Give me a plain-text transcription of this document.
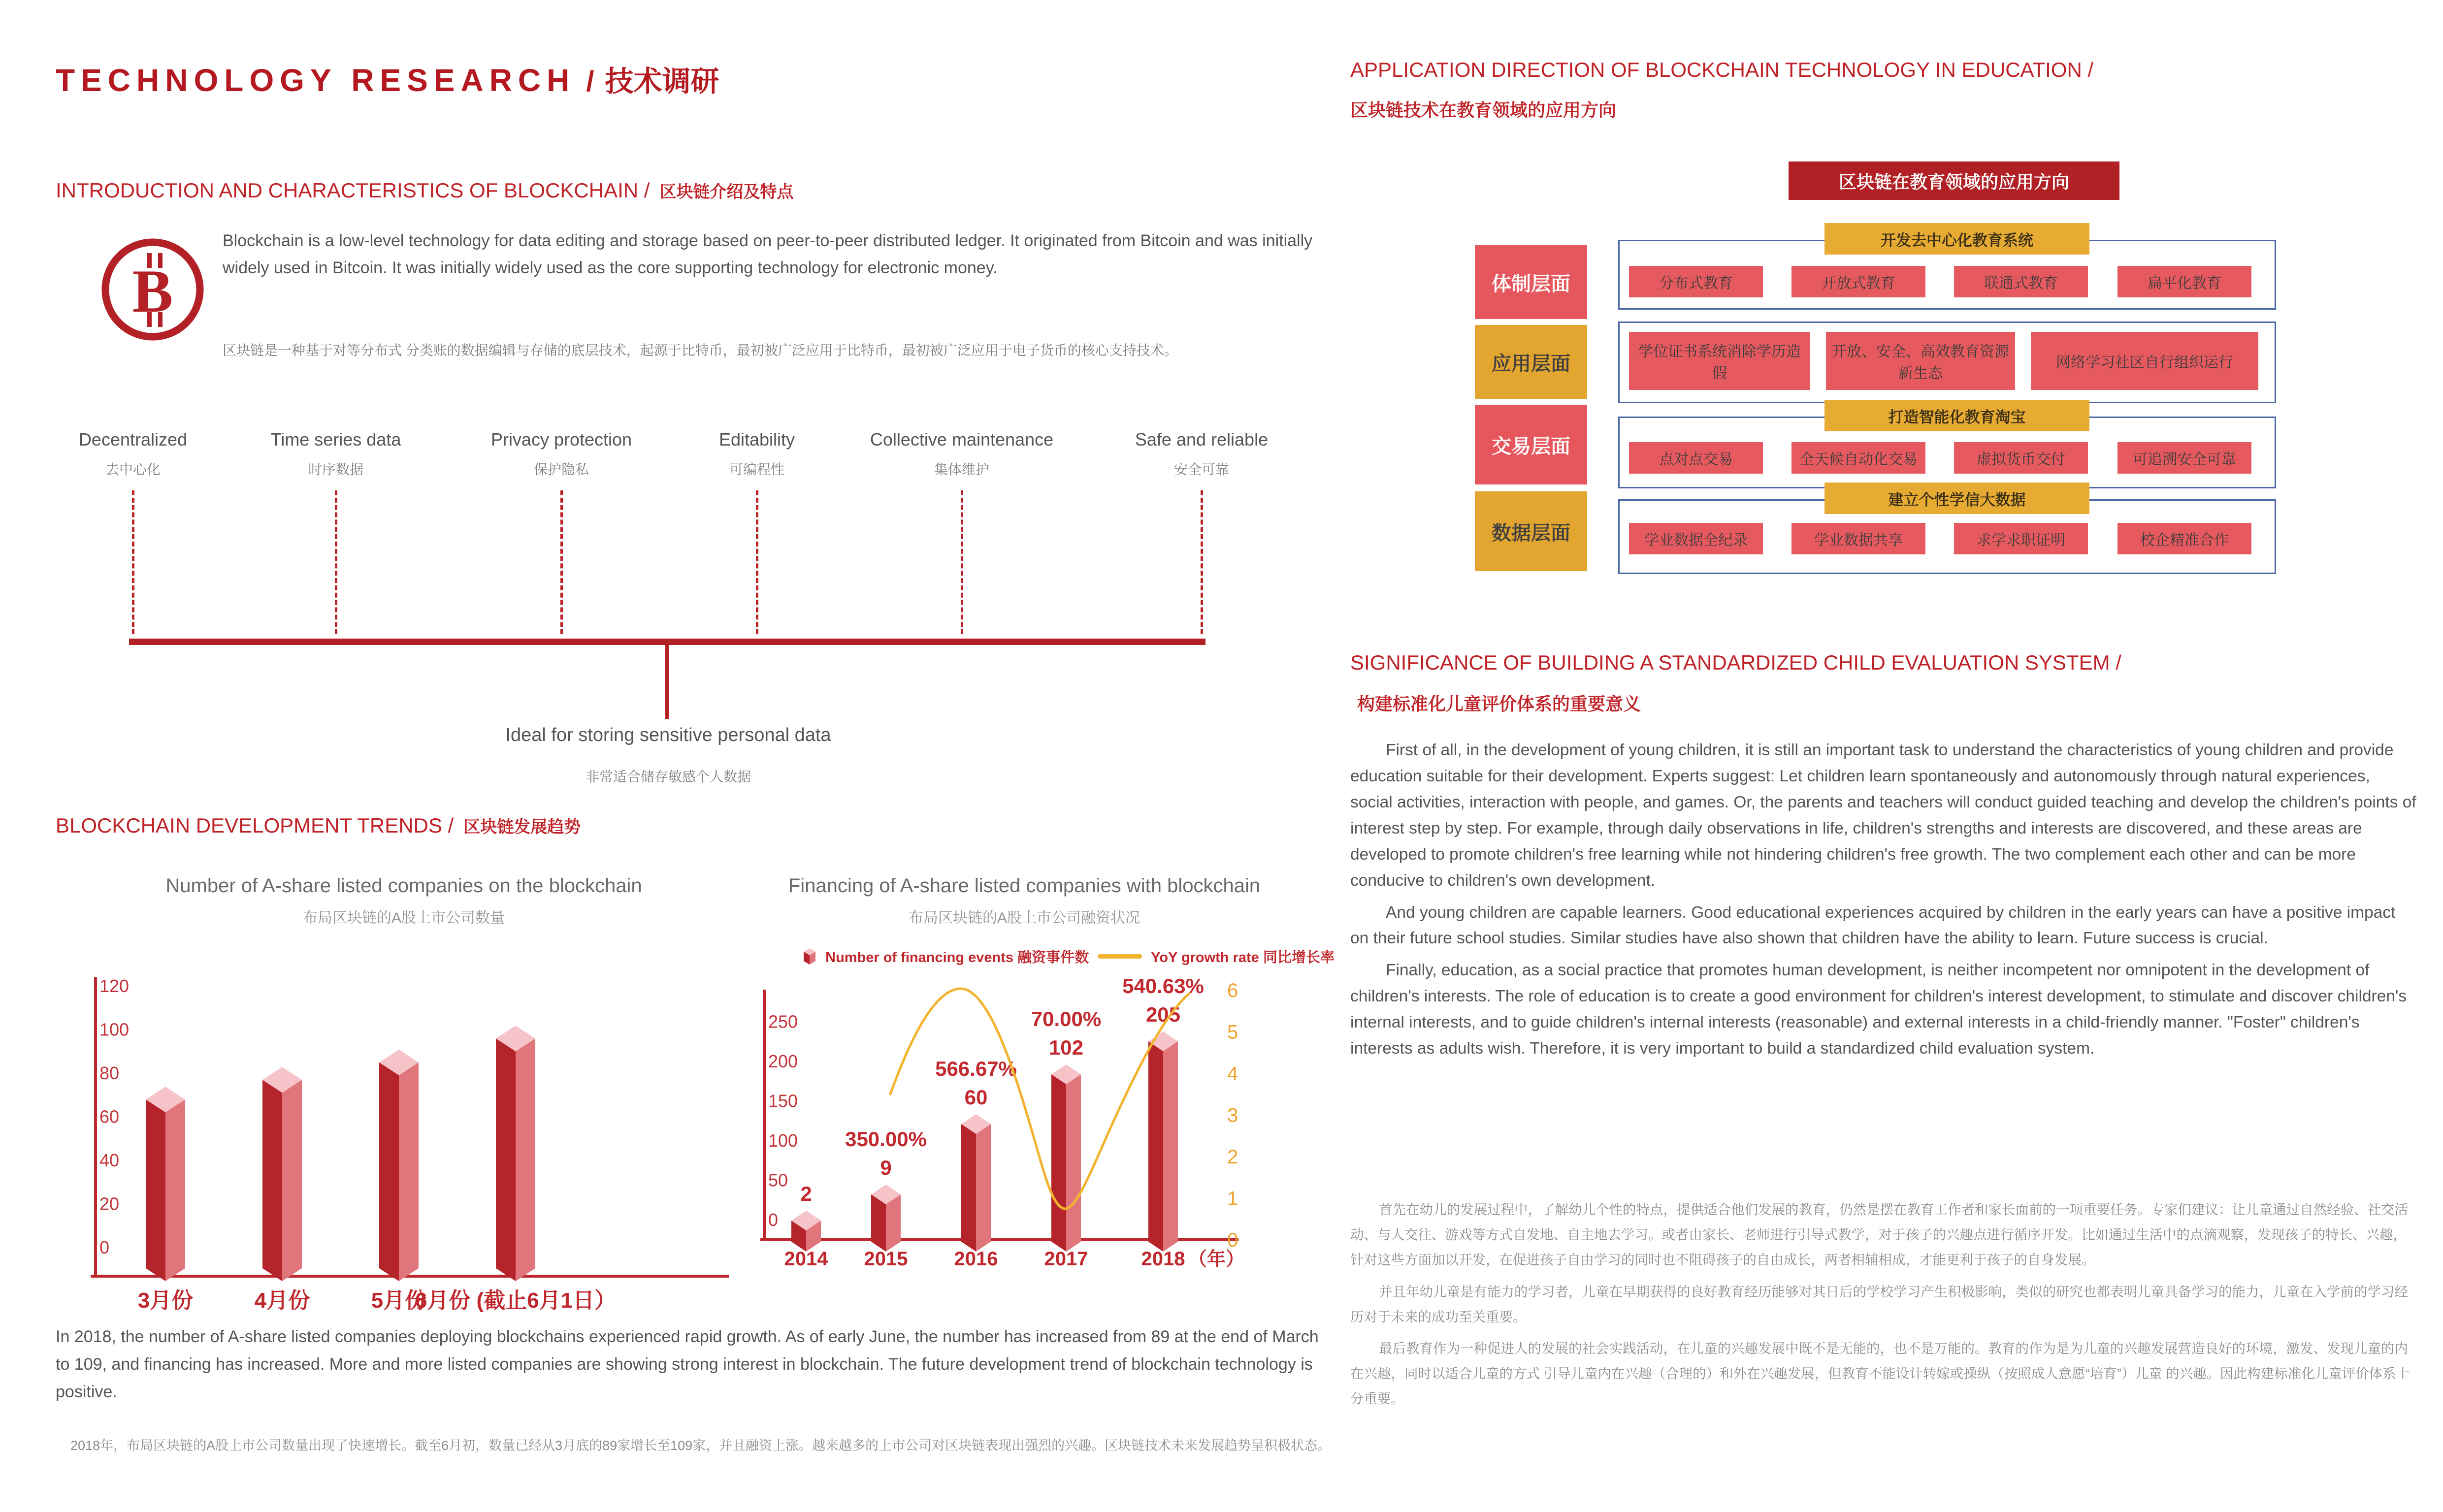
TECHNOLOGY RESEARCH / 技术调研
INTRODUCTION AND CHARACTERISTICS OF BLOCKCHAIN / 区块链介绍及特点
B
Blockchain is a low-level technology for data editing and storage based on peer-to-peer distributed ledger. It originated from Bitcoin and was initially widely used in Bitcoin. It was initially widely used as the core supporting technology for electronic money.
区块链是一种基于对等分布式 分类账的数据编辑与存储的底层技术，起源于比特币，最初被广泛应用于比特币，最初被广泛应用于电子货币的核心支持技术。
Decentralized
去中心化
Time series data
时序数据
Privacy protection
保护隐私
Editability
可编程性
Collective maintenance
集体维护
Safe and reliable
安全可靠
Ideal for storing sensitive personal data
非常适合储存敏感个人数据
BLOCKCHAIN DEVELOPMENT TRENDS / 区块链发展趋势
Number of A-share listed companies on the blockchain
布局区块链的A股上市公司数量
0
20
40
60
80
100
120
3月份	4月份	5月份
6月份 (截止6月1日）
Number of financing events 融资事件数	YoY growth rate 同比增长率
Financing of A-share listed companies with blockchain
布局区块链的A股上市公司融资状况
0
50
100
150
200
250
0
1
2
3
4
5
6
2
9
350.00%
60
566.67%
102
70.00% 205
540.63%
2014 2015 2016 2017	2018 （年）
In 2018, the number of A-share listed companies deploying blockchains experienced rapid growth. As of early June, the number has increased from 89 at the end of March to 109, and financing has increased. More and more listed companies are showing strong interest in blockchain. The future development trend of blockchain technology is positive.
2018年，布局区块链的A股上市公司数量出现了快速增长。截至6月初，数量已经从3月底的89家增长至109家，并且融资上涨。越来越多的上市公司对区块链表现出强烈的兴趣。区块链技术未来发展趋势呈积极状态。
APPLICATION DIRECTION OF BLOCKCHAIN TECHNOLOGY IN EDUCATION /
区块链技术在教育领域的应用方向
区块链在教育领域的应用方向
SIGNIFICANCE OF BUILDING A STANDARDIZED CHILD EVALUATION SYSTEM /
构建标准化儿童评价体系的重要意义

First of all, in the development of young children, it is still an important task to understand the characteristics of young children and provide education suitable for their development. Experts suggest: Let children learn spontaneously and autonomously through natural experiences, social activities, interaction with people, and games. Or, the parents and teachers will conduct guided teaching and develop the children's points of interest step by step. For example, through daily observations in life, children's strengths and interests are discovered, and these areas are developed to promote children's free learning while not hindering children's free growth. The two complement each other and can be more conducive to children's own development.

And young children are capable learners. Good educational experiences acquired by children in the early years can have a positive impact on their future school studies. Similar studies have also shown that children have the ability to learn. Future success is crucial.

Finally, education, as a social practice that promotes human development, is neither incompetent nor omnipotent in the development of children's interests. The role of education is to create a good environment for children's interest development, to stimulate and discover children's internal interests, and to guide children's internal interests (reasonable) and external interests in a child-friendly manner. "Foster" children's interests as adults wish. Therefore, it is very important to build a standardized child evaluation system.

首先在幼儿的发展过程中，了解幼儿个性的特点，提供适合他们发展的教育，仍然是摆在教育工作者和家长面前的一项重要任务。专家们建议：让儿童通过自然经验、社交活动、与人交往、游戏等方式自发地、自主地去学习。或者由家长、老师进行引导式教学，对于孩子的兴趣点进行循序开发。比如通过生活中的点滴观察，发现孩子的特长、兴趣，针对这些方面加以开发，在促进孩子自由学习的同时也不阻碍孩子的自由成长，两者相辅相成，才能更利于孩子的自身发展。

并且年幼儿童是有能力的学习者，儿童在早期获得的良好教育经历能够对其日后的学校学习产生积极影响，类似的研究也都表明儿童具备学习的能力，儿童在入学前的学习经历对于未来的成功至关重要。

最后教育作为一种促进人的发展的社会实践活动，在儿童的兴趣发展中既不是无能的，也不是万能的。教育的作为是为儿童的兴趣发展营造良好的环境，激发、发现儿童的内在兴趣，同时以适合儿童的方式 引导儿童内在兴趣（合理的）和外在兴趣发展，但教育不能设计转嫁或操纵（按照成人意愿“培育”）儿童 的兴趣。因此构建标准化儿童评价体系十分重要。

体制层面
开发去中心化教育系统
分布式教育	开放式教育	联通式教育	扁平化教育
应用层面
学位证书系统消除学历造假
开放、安全、高效教育资源新生态
网络学习社区自行组织运行
交易层面
打造智能化教育淘宝
点对点交易	全天候自动化交易	虚拟货币交付	可追溯安全可靠
数据层面
建立个性学信大数据
学业数据全纪录	学业数据共享	求学求职证明	校企精准合作
